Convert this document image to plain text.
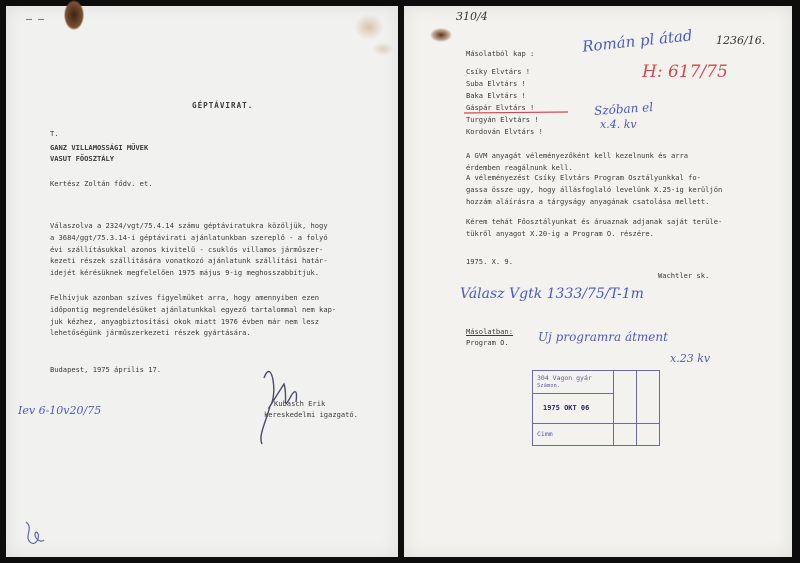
— —

GÉPTÁVIRAT.

T.

GANZ VILLAMOSSÁGI MŰVEK

VASUT FŐOSZTÁLY

Kertész Zoltán fődv. et.

Válaszolva a 2324/vgt/75.4.14 számu géptáviratukra közöljük, hogy
a 3684/ggt/75.3.14-i géptávirati ajánlatunkban szereplő - a folyó
évi szállításukkal azonos kivitelű - csuklós villamos járműszer-
kezeti részek szállítására vonatkozó ajánlatunk szállítási határ-
idejét kérésüknek megfelelően 1975 május 9-ig meghosszabbítjuk.

Felhívjuk azonban szíves figyelmüket arra, hogy amennyiben ezen
időpontig megrendelésüket ajánlatunkkal egyező tartalommal nem kap-
juk kézhez, anyagbiztosítási okok miatt 1976 évben már nem lesz
lehetőségünk járműszerkezeti részek gyártására.

Budapest, 1975 április 17.

Kubasch Erik

kereskedelmi igazgató.

Iev 6-10v20/75

310/4

Másolatból kap :

Csíky Elvtárs !

Suba Elvtárs !

Baka Elvtárs !

Gáspár Elvtárs !

Turgyán Elvtárs !

Kordován Elvtárs !

Román pl átad 1236/16.

H: 617/75

Szóban el

x.4. kv

A GVM anyagát véleményezőként kell kezelnunk és arra
érdemben reagálnunk kell.

A véleményezést Csíky Elvtárs Program Osztályunkkal fo-
gassa össze ugy, hogy állásfoglaló levelünk X.25-ig kerüljön
hozzám aláírásra a tárgyságy anyagának csatolása mellett.

Kérem tehát Főosztályunkat és áruaznak adjanak saját terüle-
tükről anyagot X.20-ig a Program O. részére.

1975. X. 9.

Wachtler sk.

Válasz Vgtk 1333/75/T-1m

Másolatban:

Program O. Uj programra átment

x.23 kv

304 Vagon gyár
Számon.
1975 OKT 06
Cimm
